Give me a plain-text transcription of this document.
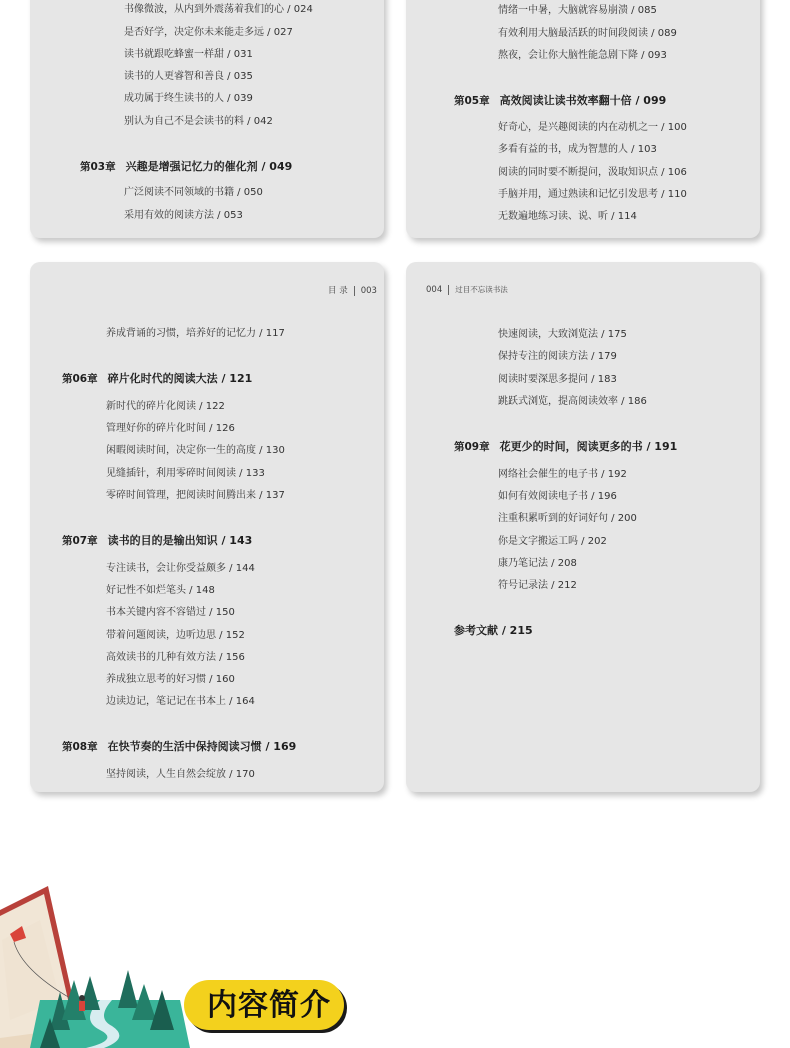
书像微波，从内到外震荡着我们的心 / 024
是否好学，决定你未来能走多远 / 027
读书就跟吃蜂蜜一样甜 / 031
读书的人更睿智和善良 / 035
成功属于终生读书的人 / 039
别认为自己不是会读书的料 / 042
第03章 兴趣是增强记忆力的催化剂 / 049
广泛阅读不同领域的书籍 / 050
采用有效的阅读方法 / 053
情绪一中暑，大脑就容易崩溃 / 085
有效利用大脑最活跃的时间段阅读 / 089
熬夜，会让你大脑性能急剧下降 / 093
第05章 高效阅读让读书效率翻十倍 / 099
好奇心，是兴趣阅读的内在动机之一 / 100
多看有益的书，成为智慧的人 / 103
阅读的同时要不断提问，汲取知识点 / 106
手脑并用，通过熟读和记忆引发思考 / 110
无数遍地练习读、说、听 / 114
目 录 003
养成背诵的习惯，培养好的记忆力 / 117
第06章 碎片化时代的阅读大法 / 121
新时代的碎片化阅读 / 122
管理好你的碎片化时间 / 126
闲暇阅读时间，决定你一生的高度 / 130
见缝插针，利用零碎时间阅读 / 133
零碎时间管理，把阅读时间腾出来 / 137
第07章 读书的目的是输出知识 / 143
专注读书，会让你受益颇多 / 144
好记性不如烂笔头 / 148
书本关键内容不容错过 / 150
带着问题阅读，边听边思 / 152
高效读书的几种有效方法 / 156
养成独立思考的好习惯 / 160
边读边记，笔记记在书本上 / 164
第08章 在快节奏的生活中保持阅读习惯 / 169
坚持阅读，人生自然会绽放 / 170
004 过目不忘读书法
快速阅读，大致浏览法 / 175
保持专注的阅读方法 / 179
阅读时要深思多提问 / 183
跳跃式浏览，提高阅读效率 / 186
第09章 花更少的时间，阅读更多的书 / 191
网络社会催生的电子书 / 192
如何有效阅读电子书 / 196
注重积累听到的好词好句 / 200
你是文字搬运工吗 / 202
康乃笔记法 / 208
符号记录法 / 212
参考文献 / 215
内容简介
